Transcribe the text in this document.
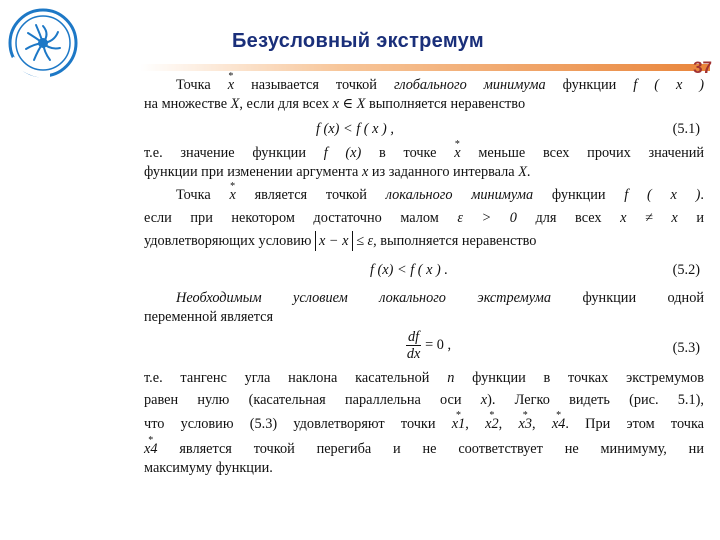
Безусловный экстремум
37
Точка * x называется точкой глобального минимума функции f ( x )
на множестве X, если для всех x ∈ X выполняется неравенство
f (x) < f ( x ) ,	(5.1)
т.е. значение функции f (x) в точке * x меньше всех прочих значений
функции при изменении аргумента x из заданного интервала X.
Точка * x является точкой локального минимума функции f ( x ).
если при некотором достаточно малом ε > 0 для всех x ≠ x и
удовлетворяющих условию x − x ≤ ε, выполняется неравенство
f (x) < f ( x ) .	(5.2)
Необходимым условием локального экстремума функции одной
переменной является
$\frac{df}{dx} = 0$ ,	(5.3)
т.е. тангенс угла наклона касательной n функции в точках экстремумов
равен нулю (касательная параллельна оси x). Легко видеть (рис. 5.1),
что условию (5.3) удовлетворяют точки * x1, * x2, * x3, * x4. При этом точка
* x4 является точкой перегиба и не соответствует не минимуму, ни
максимуму функции.
